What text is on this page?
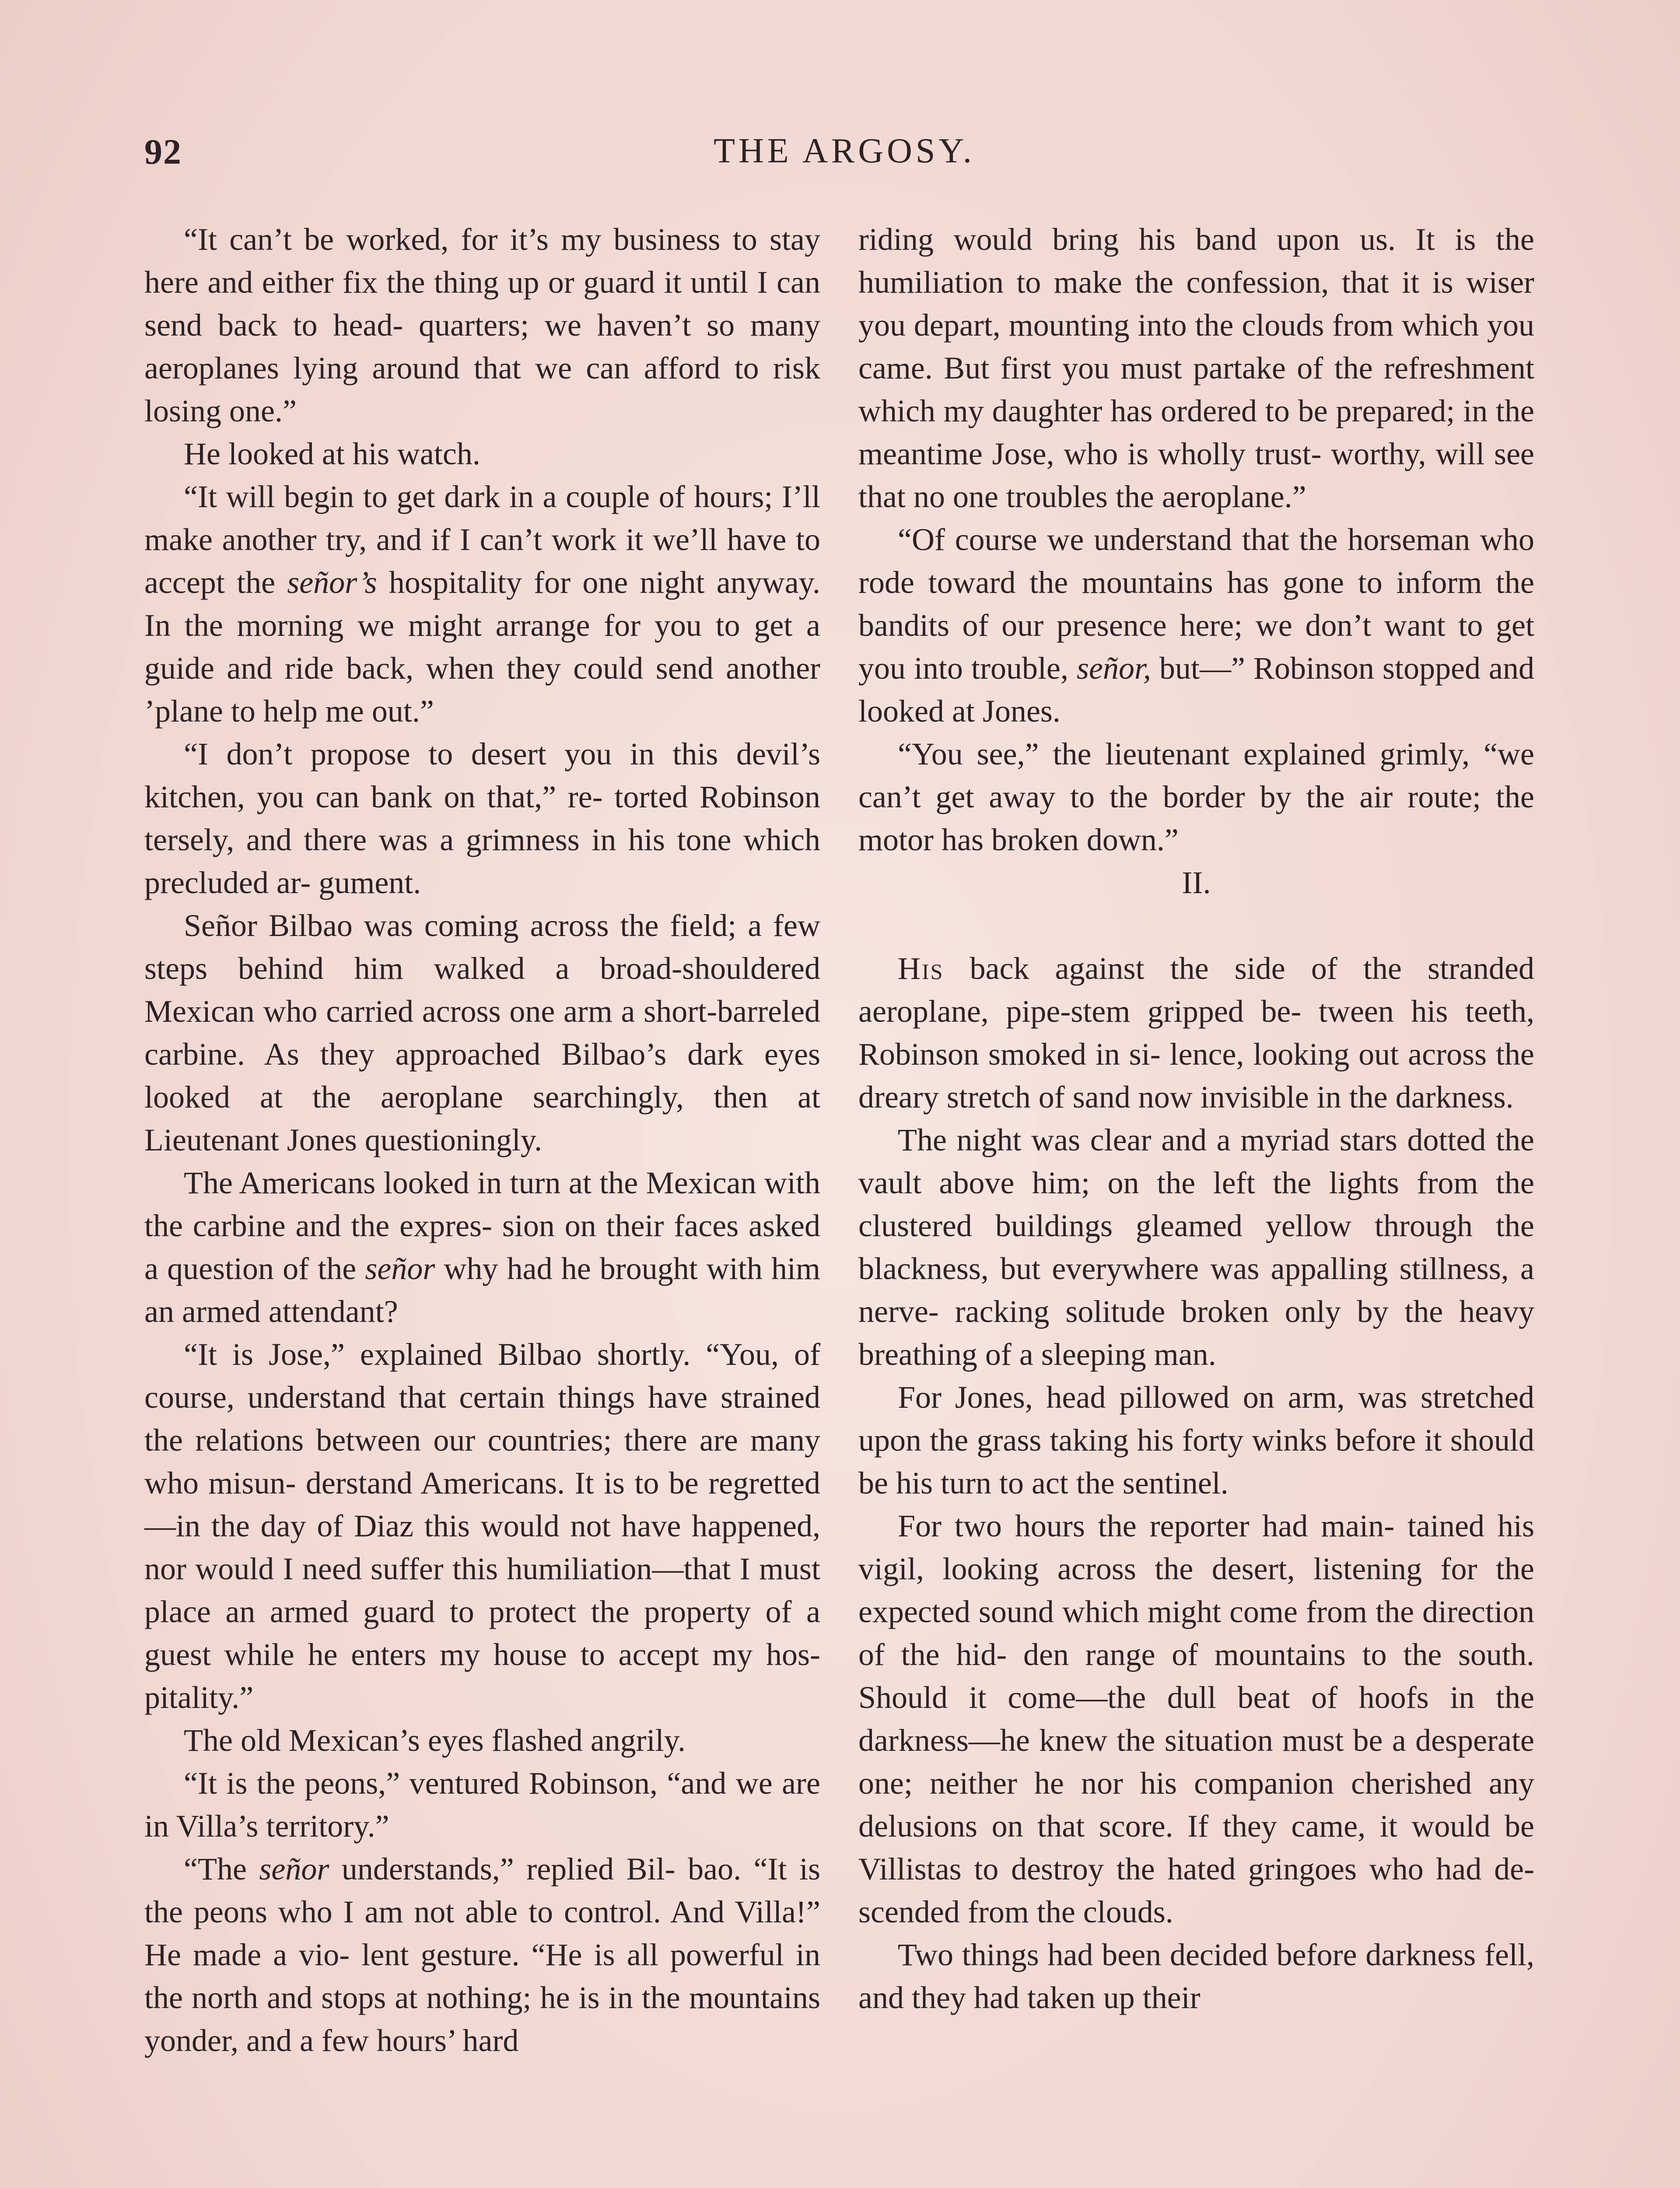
92	THE ARGOSY.

“It can’t be worked, for it’s my business to stay here and either fix the thing up or guard it until I can send back to head- quarters; we haven’t so many aeroplanes lying around that we can afford to risk losing one.”

He looked at his watch.

“It will begin to get dark in a couple of hours; I’ll make another try, and if I can’t work it we’ll have to accept the señor’s hospitality for one night anyway. In the morning we might arrange for you to get a guide and ride back, when they could send another ’plane to help me out.”

“I don’t propose to desert you in this devil’s kitchen, you can bank on that,” re- torted Robinson tersely, and there was a grimness in his tone which precluded ar- gument.

Señor Bilbao was coming across the field; a few steps behind him walked a broad-shouldered Mexican who carried across one arm a short-barreled carbine. As they approached Bilbao’s dark eyes looked at the aeroplane searchingly, then at Lieutenant Jones questioningly.

The Americans looked in turn at the Mexican with the carbine and the expres- sion on their faces asked a question of the señor why had he brought with him an armed attendant?

“It is Jose,” explained Bilbao shortly. “You, of course, understand that certain things have strained the relations between our countries; there are many who misun- derstand Americans. It is to be regretted —in the day of Diaz this would not have happened, nor would I need suffer this humiliation—that I must place an armed guard to protect the property of a guest while he enters my house to accept my hos- pitality.”

The old Mexican’s eyes flashed angrily.

“It is the peons,” ventured Robinson, “and we are in Villa’s territory.”

“The señor understands,” replied Bil- bao. “It is the peons who I am not able to control. And Villa!” He made a vio- lent gesture. “He is all powerful in the north and stops at nothing; he is in the mountains yonder, and a few hours’ hard

riding would bring his band upon us. It is the humiliation to make the confession, that it is wiser you depart, mounting into the clouds from which you came. But first you must partake of the refreshment which my daughter has ordered to be prepared; in the meantime Jose, who is wholly trust- worthy, will see that no one troubles the aeroplane.”

“Of course we understand that the horseman who rode toward the mountains has gone to inform the bandits of our presence here; we don’t want to get you into trouble, señor, but—” Robinson stopped and looked at Jones.

“You see,” the lieutenant explained grimly, “we can’t get away to the border by the air route; the motor has broken down.”

II.

His back against the side of the stranded aeroplane, pipe-stem gripped be- tween his teeth, Robinson smoked in si- lence, looking out across the dreary stretch of sand now invisible in the darkness.

The night was clear and a myriad stars dotted the vault above him; on the left the lights from the clustered buildings gleamed yellow through the blackness, but everywhere was appalling stillness, a nerve- racking solitude broken only by the heavy breathing of a sleeping man.

For Jones, head pillowed on arm, was stretched upon the grass taking his forty winks before it should be his turn to act the sentinel.

For two hours the reporter had main- tained his vigil, looking across the desert, listening for the expected sound which might come from the direction of the hid- den range of mountains to the south. Should it come—the dull beat of hoofs in the darkness—he knew the situation must be a desperate one; neither he nor his companion cherished any delusions on that score. If they came, it would be Villistas to destroy the hated gringoes who had de- scended from the clouds.

Two things had been decided before darkness fell, and they had taken up their
